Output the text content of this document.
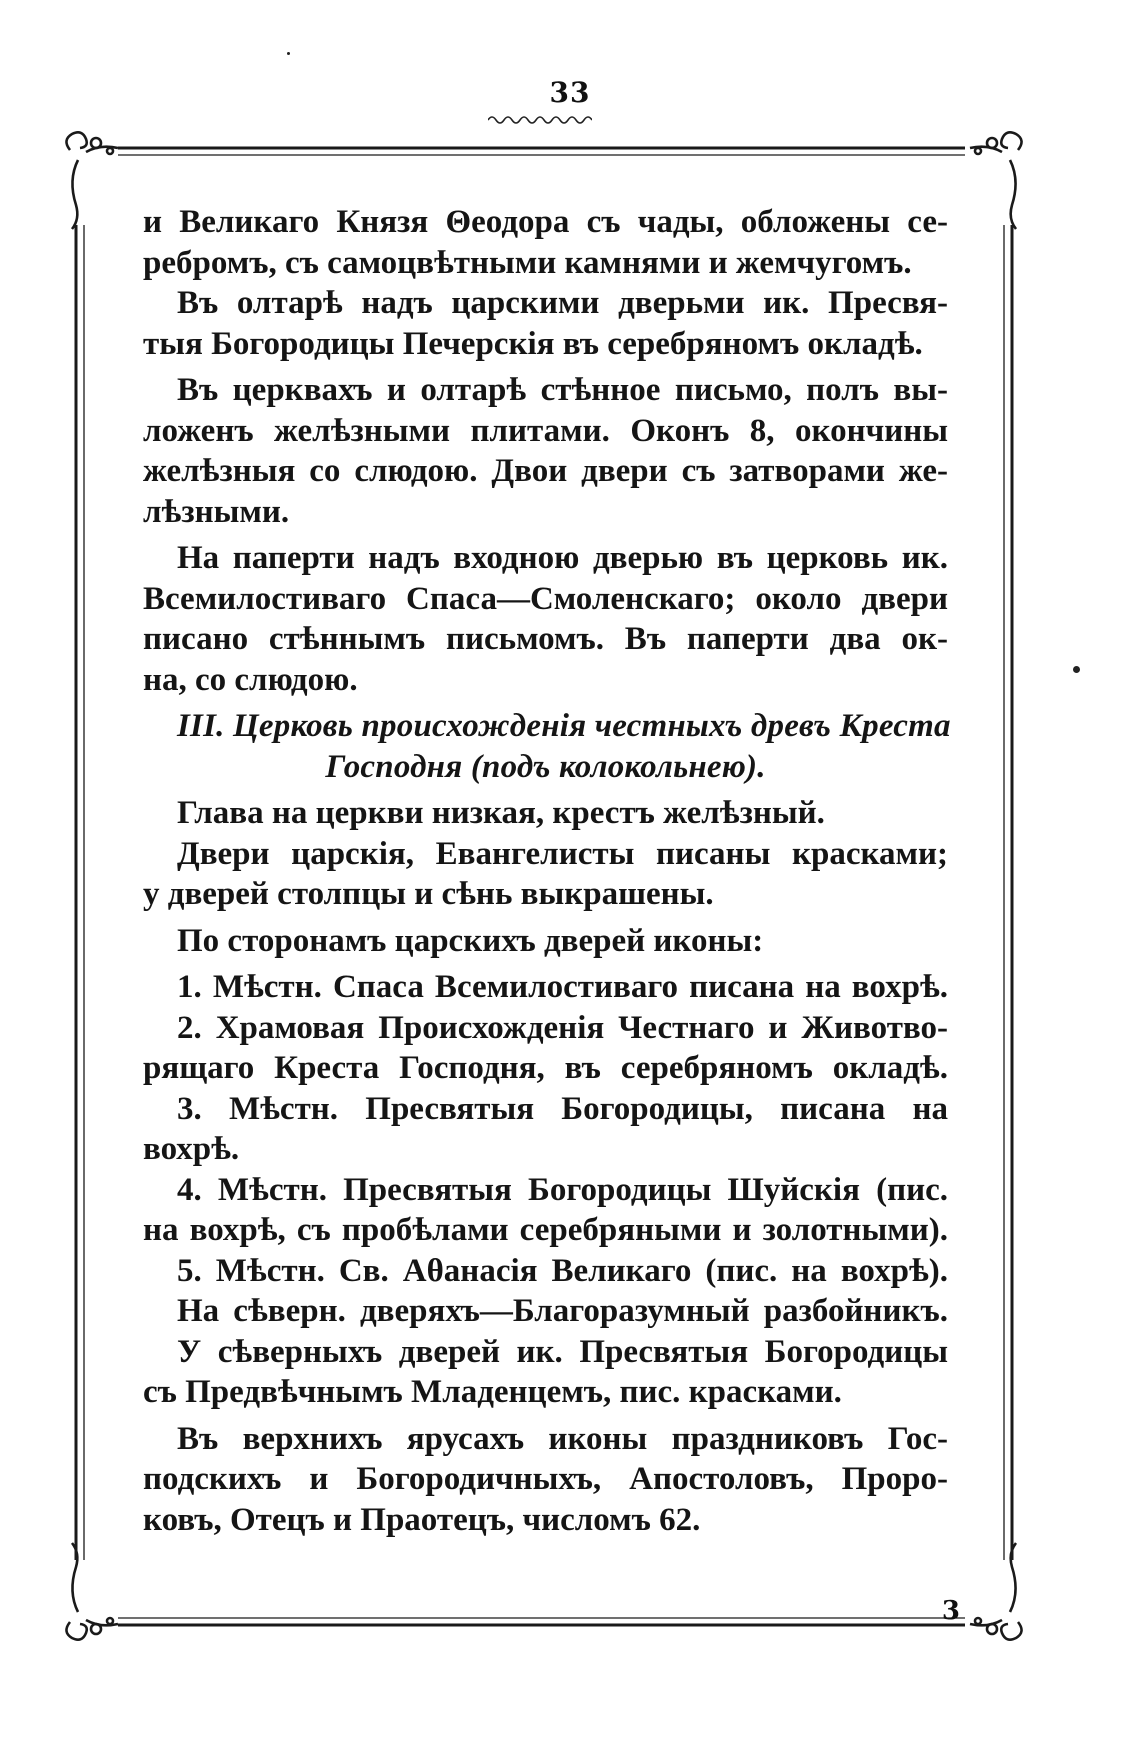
33
и Великаго Князя Θеодора съ чады, обложены се-
ребромъ, съ самоцвѣтными камнями и жемчугомъ.
Въ олтарѣ надъ царскими дверьми ик. Пресвя-
тыя Богородицы Печерскія въ серебряномъ окладѣ.
Въ церквахъ и олтарѣ стѣнное письмо, полъ вы-
ложенъ желѣзными плитами. Оконъ 8, окончины
желѣзныя со слюдою. Двои двери съ затворами же-
лѣзными.
На паперти надъ входною дверью въ церковь ик.
Всемилостиваго Спаса—Смоленскаго; около двери
писано стѣннымъ письмомъ. Въ паперти два ок-
на, со слюдою.
III. Церковь происхожденія честныхъ древъ Креста
Господня (подъ колокольнею).
Глава на церкви низкая, крестъ желѣзный.
Двери царскія, Евангелисты писаны красками;
у дверей столпцы и сѣнь выкрашены.
По сторонамъ царскихъ дверей иконы:
1. Мѣстн. Спаса Всемилостиваго писана на вохрѣ.
2. Храмовая Происхожденія Честнаго и Животво-
рящаго Креста Господня, въ серебряномъ окладѣ.
3. Мѣстн. Пресвятыя Богородицы, писана на
вохрѣ.
4. Мѣстн. Пресвятыя Богородицы Шуйскія (пис.
на вохрѣ, съ пробѣлами серебряными и золотными).
5. Мѣстн. Св. Аθанасія Великаго (пис. на вохрѣ).
На сѣверн. дверяхъ—Благоразумный разбойникъ.
У сѣверныхъ дверей ик. Пресвятыя Богородицы
съ Предвѣчнымъ Младенцемъ, пис. красками.
Въ верхнихъ ярусахъ иконы праздниковъ Гос-
подскихъ и Богородичныхъ, Апостоловъ, Проро-
ковъ, Отецъ и Праотецъ, числомъ 62.
3
